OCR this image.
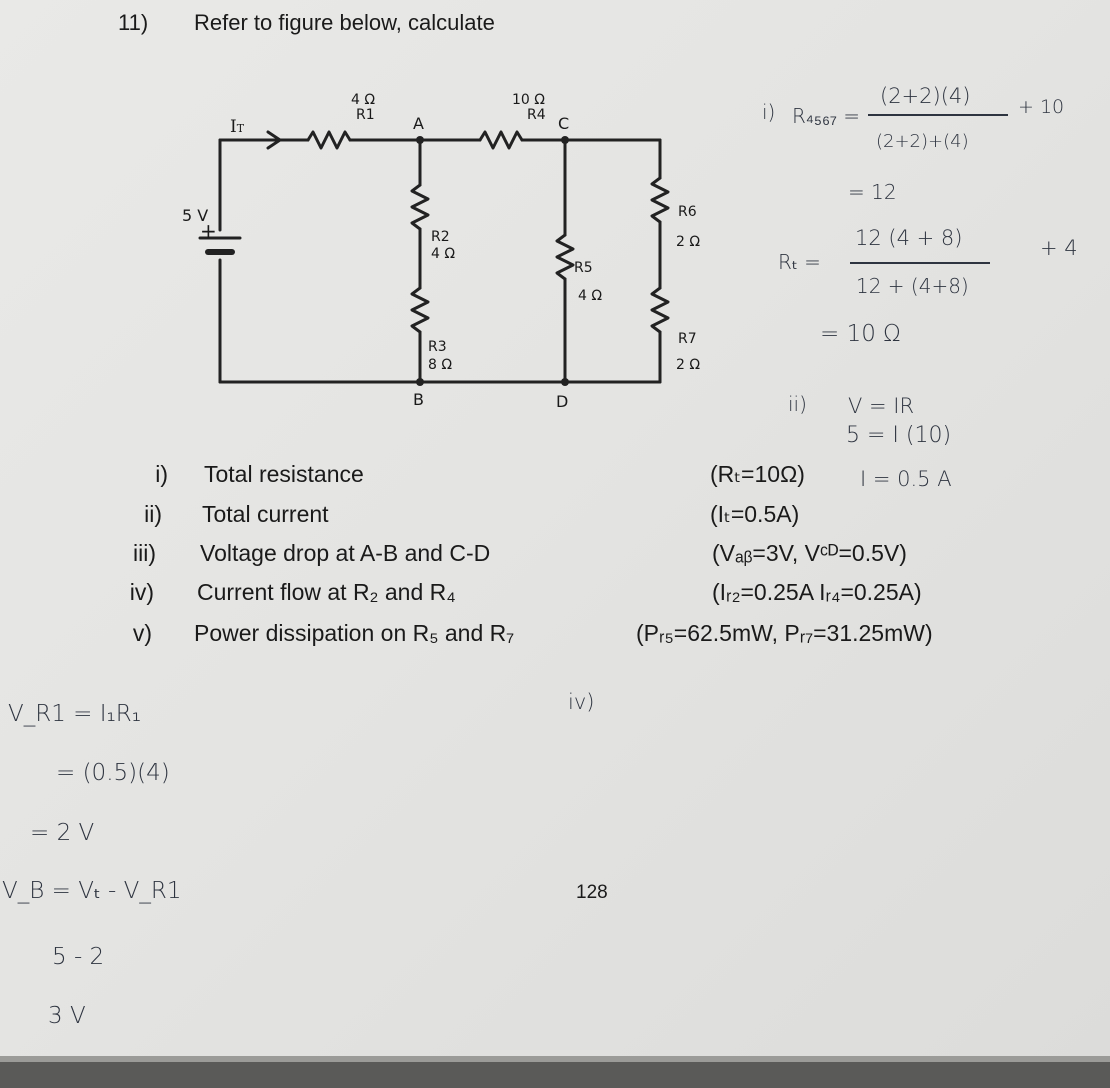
11) Refer to figure below, calculate
5 V
+
IT
4 Ω
R1 A
10 Ω
R4 C
R2
4 Ω
R3
8 Ω
R5
4 Ω
R6
2 Ω
R7
2 Ω
B	D
i) Total resistance	(Rₜ=10Ω)
ii) Total current	(Iₜ=0.5A)
iii) Voltage drop at A-B and C-D	(Vₐᵦ=3V, Vᶜᴰ=0.5V)
iv) Current flow at R₂ and R₄	(Iᵣ₂=0.25A Iᵣ₄=0.25A)
v) Power dissipation on R₅ and R₇	(Pᵣ₅=62.5mW, Pᵣ₇=31.25mW)
128
i) R₄₅₆₇ =
(2+2)(4)
(2+2)+(4)
+ 10
= 12
Rₜ =
12 (4 + 8)
12 + (4+8)
+ 4
= 10 Ω
ii) V = IR
5 = I (10)
I = 0.5 A
V_R1 = I₁R₁
= (0.5)(4)
= 2 V
V_B = Vₜ - V_R1
5 - 2
3 V
iv)
